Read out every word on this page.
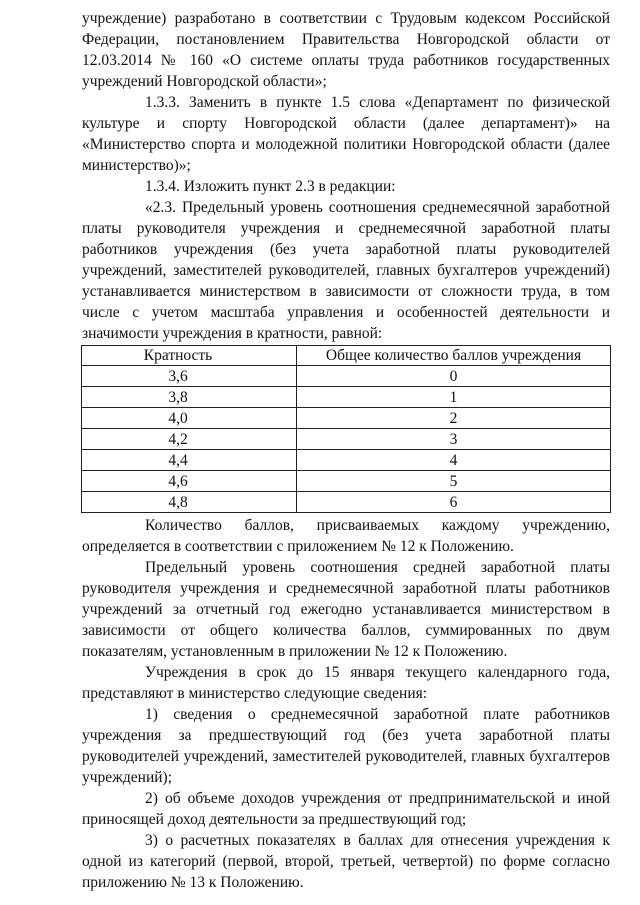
учреждение) разработано в соответствии с Трудовым кодексом Российской Федерации, постановлением Правительства Новгородской области от 12.03.2014 № 160 «О системе оплаты труда работников государственных учреждений Новгородской области»;

1.3.3. Заменить в пункте 1.5 слова «Департамент по физической культуре и спорту Новгородской области (далее департамент)» на «Министерство спорта и молодежной политики Новгородской области (далее министерство)»;

1.3.4. Изложить пункт 2.3 в редакции:

«2.3. Предельный уровень соотношения среднемесячной заработной платы руководителя учреждения и среднемесячной заработной платы работников учреждения (без учета заработной платы руководителей учреждений, заместителей руководителей, главных бухгалтеров учреждений) устанавливается министерством в зависимости от сложности труда, в том числе с учетом масштаба управления и особенностей деятельности и значимости учреждения в кратности, равной:

Кратность	Общее количество баллов учреждения
3,6	0
3,8	1
4,0	2
4,2	3
4,4	4
4,6	5
4,8	6

Количество баллов, присваиваемых каждому учреждению, определяется в соответствии с приложением № 12 к Положению.

Предельный уровень соотношения средней заработной платы руководителя учреждения и среднемесячной заработной платы работников учреждений за отчетный год ежегодно устанавливается министерством в зависимости от общего количества баллов, суммированных по двум показателям, установленным в приложении № 12 к Положению.

Учреждения в срок до 15 января текущего календарного года, представляют в министерство следующие сведения:

1) сведения о среднемесячной заработной плате работников учреждения за предшествующий год (без учета заработной платы руководителей учреждений, заместителей руководителей, главных бухгалтеров учреждений);

2) об объеме доходов учреждения от предпринимательской и иной приносящей доход деятельности за предшествующий год;

3) о расчетных показателях в баллах для отнесения учреждения к одной из категорий (первой, второй, третьей, четвертой) по форме согласно приложению № 13 к Положению.
